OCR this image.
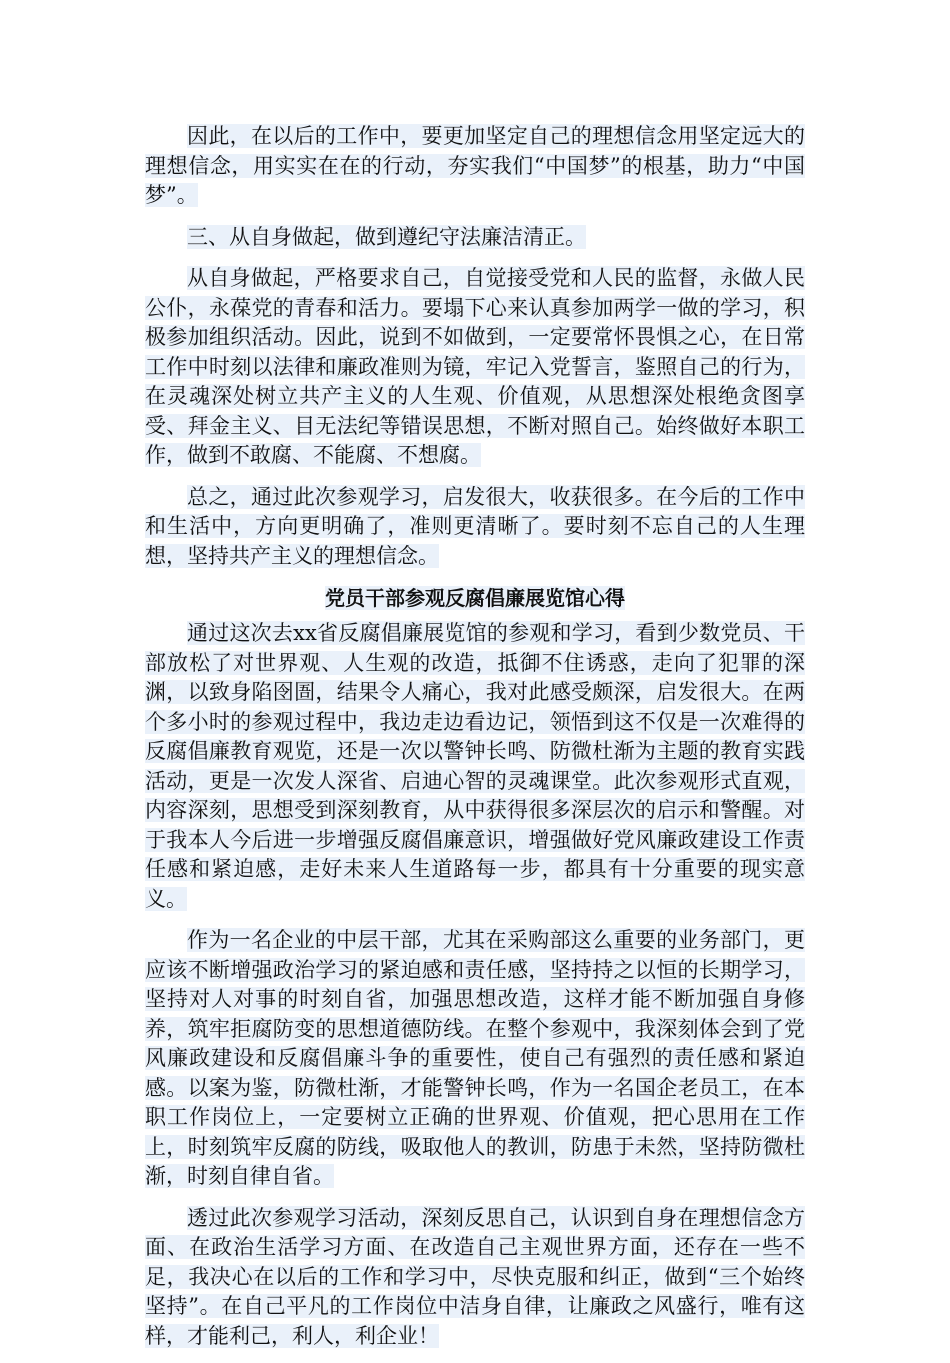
因此，在以后的工作中，要更加坚定自己的理想信念用坚定远大的理想信念，用实实在在的行动，夯实我们“中国梦”的根基，助力“中国梦”。

三、从自身做起，做到遵纪守法廉洁清正。

从自身做起，严格要求自己，自觉接受党和人民的监督，永做人民公仆，永葆党的青春和活力。要塌下心来认真参加两学一做的学习，积极参加组织活动。因此，说到不如做到，一定要常怀畏惧之心，在日常工作中时刻以法律和廉政准则为镜，牢记入党誓言，鉴照自己的行为，在灵魂深处树立共产主义的人生观、价值观，从思想深处根绝贪图享受、拜金主义、目无法纪等错误思想，不断对照自己。始终做好本职工作，做到不敢腐、不能腐、不想腐。

总之，通过此次参观学习，启发很大，收获很多。在今后的工作中和生活中，方向更明确了，准则更清晰了。要时刻不忘自己的人生理想，坚持共产主义的理想信念。

党员干部参观反腐倡廉展览馆心得

通过这次去xx省反腐倡廉展览馆的参观和学习，看到少数党员、干部放松了对世界观、人生观的改造，抵御不住诱惑，走向了犯罪的深渊，以致身陷囹圄，结果令人痛心，我对此感受颇深，启发很大。在两个多小时的参观过程中，我边走边看边记，领悟到这不仅是一次难得的反腐倡廉教育观览，还是一次以警钟长鸣、防微杜渐为主题的教育实践活动，更是一次发人深省、启迪心智的灵魂课堂。此次参观形式直观，内容深刻，思想受到深刻教育，从中获得很多深层次的启示和警醒。对于我本人今后进一步增强反腐倡廉意识，增强做好党风廉政建设工作责任感和紧迫感，走好未来人生道路每一步，都具有十分重要的现实意义。

作为一名企业的中层干部，尤其在采购部这么重要的业务部门，更应该不断增强政治学习的紧迫感和责任感，坚持持之以恒的长期学习，坚持对人对事的时刻自省，加强思想改造，这样才能不断加强自身修养，筑牢拒腐防变的思想道德防线。在整个参观中，我深刻体会到了党风廉政建设和反腐倡廉斗争的重要性，使自己有强烈的责任感和紧迫感。以案为鉴，防微杜渐，才能警钟长鸣，作为一名国企老员工，在本职工作岗位上，一定要树立正确的世界观、价值观，把心思用在工作上，时刻筑牢反腐的防线，吸取他人的教训，防患于未然，坚持防微杜渐，时刻自律自省。

透过此次参观学习活动，深刻反思自己，认识到自身在理想信念方面、在政治生活学习方面、在改造自己主观世界方面，还存在一些不足，我决心在以后的工作和学习中，尽快克服和纠正，做到“三个始终坚持”。在自己平凡的工作岗位中洁身自律，让廉政之风盛行，唯有这样，才能利己，利人，利企业！
